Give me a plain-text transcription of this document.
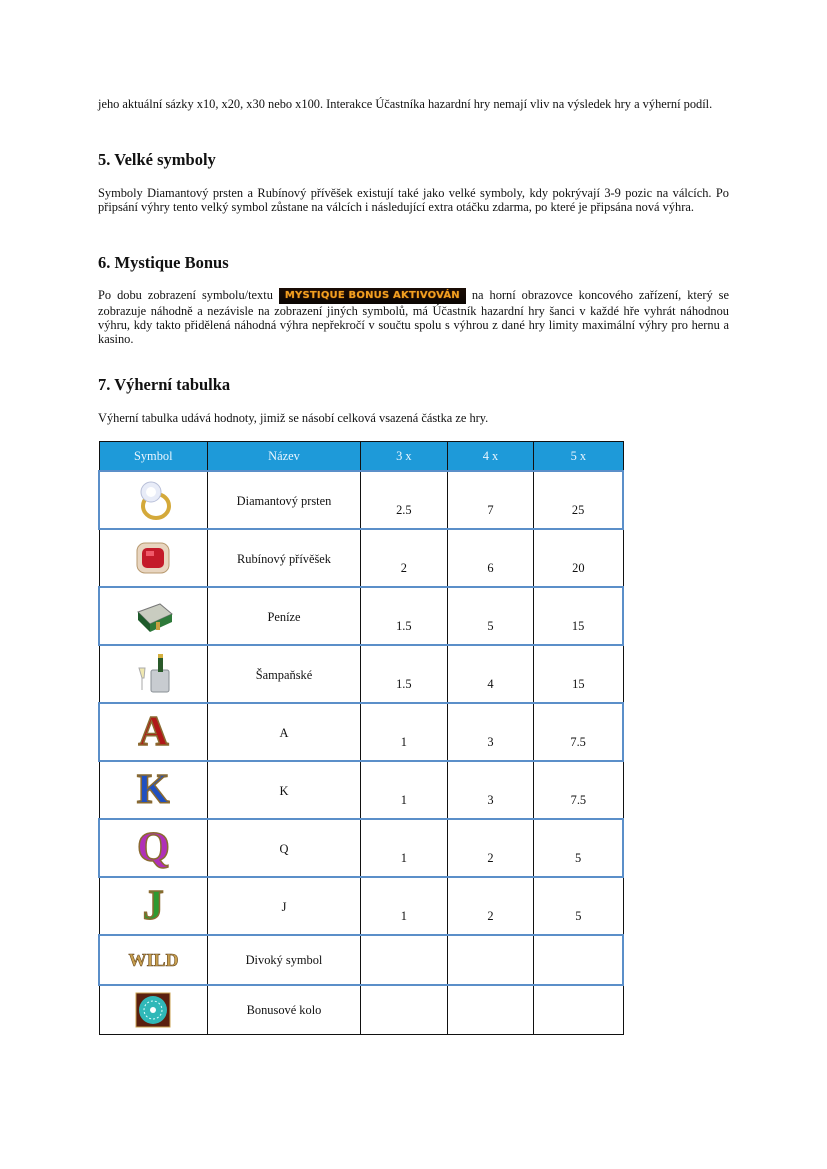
jeho aktuální sázky x10, x20, x30 nebo x100. Interakce Účastníka hazardní hry nemají vliv na výsledek hry a výherní podíl.

5. Velké symboly

Symboly Diamantový prsten a Rubínový přívěšek existují také jako velké symboly, kdy pokrývají 3-9 pozic na válcích. Po připsání výhry tento velký symbol zůstane na válcích i následující extra otáčku zdarma, po které je připsána nová výhra.

6. Mystique Bonus

Po dobu zobrazení symbolu/textu MYSTIQUE BONUS AKTIVOVÁN na horní obrazovce koncového zařízení, který se zobrazuje náhodně a nezávisle na zobrazení jiných symbolů, má Účastník hazardní hry šanci v každé hře vyhrát náhodnou výhru, kdy takto přidělená náhodná výhra nepřekročí v součtu spolu s výhrou z dané hry limity maximální výhry pro hernu a kasino.

7. Výherní tabulka

Výherní tabulka udává hodnoty, jimiž se násobí celková vsazená částka ze hry.

Symbol	Název	3 x	4 x	5 x
	Diamantový prsten	2.5	7	25
	Rubínový přívěšek	2	6	20
	Peníze	1.5	5	15
	Šampaňské	1.5	4	15
A	A	1	3	7.5
K	K	1	3	7.5
Q	Q	1	2	5
J	J	1	2	5
WILD	Divoký symbol			
	Bonusové kolo			
